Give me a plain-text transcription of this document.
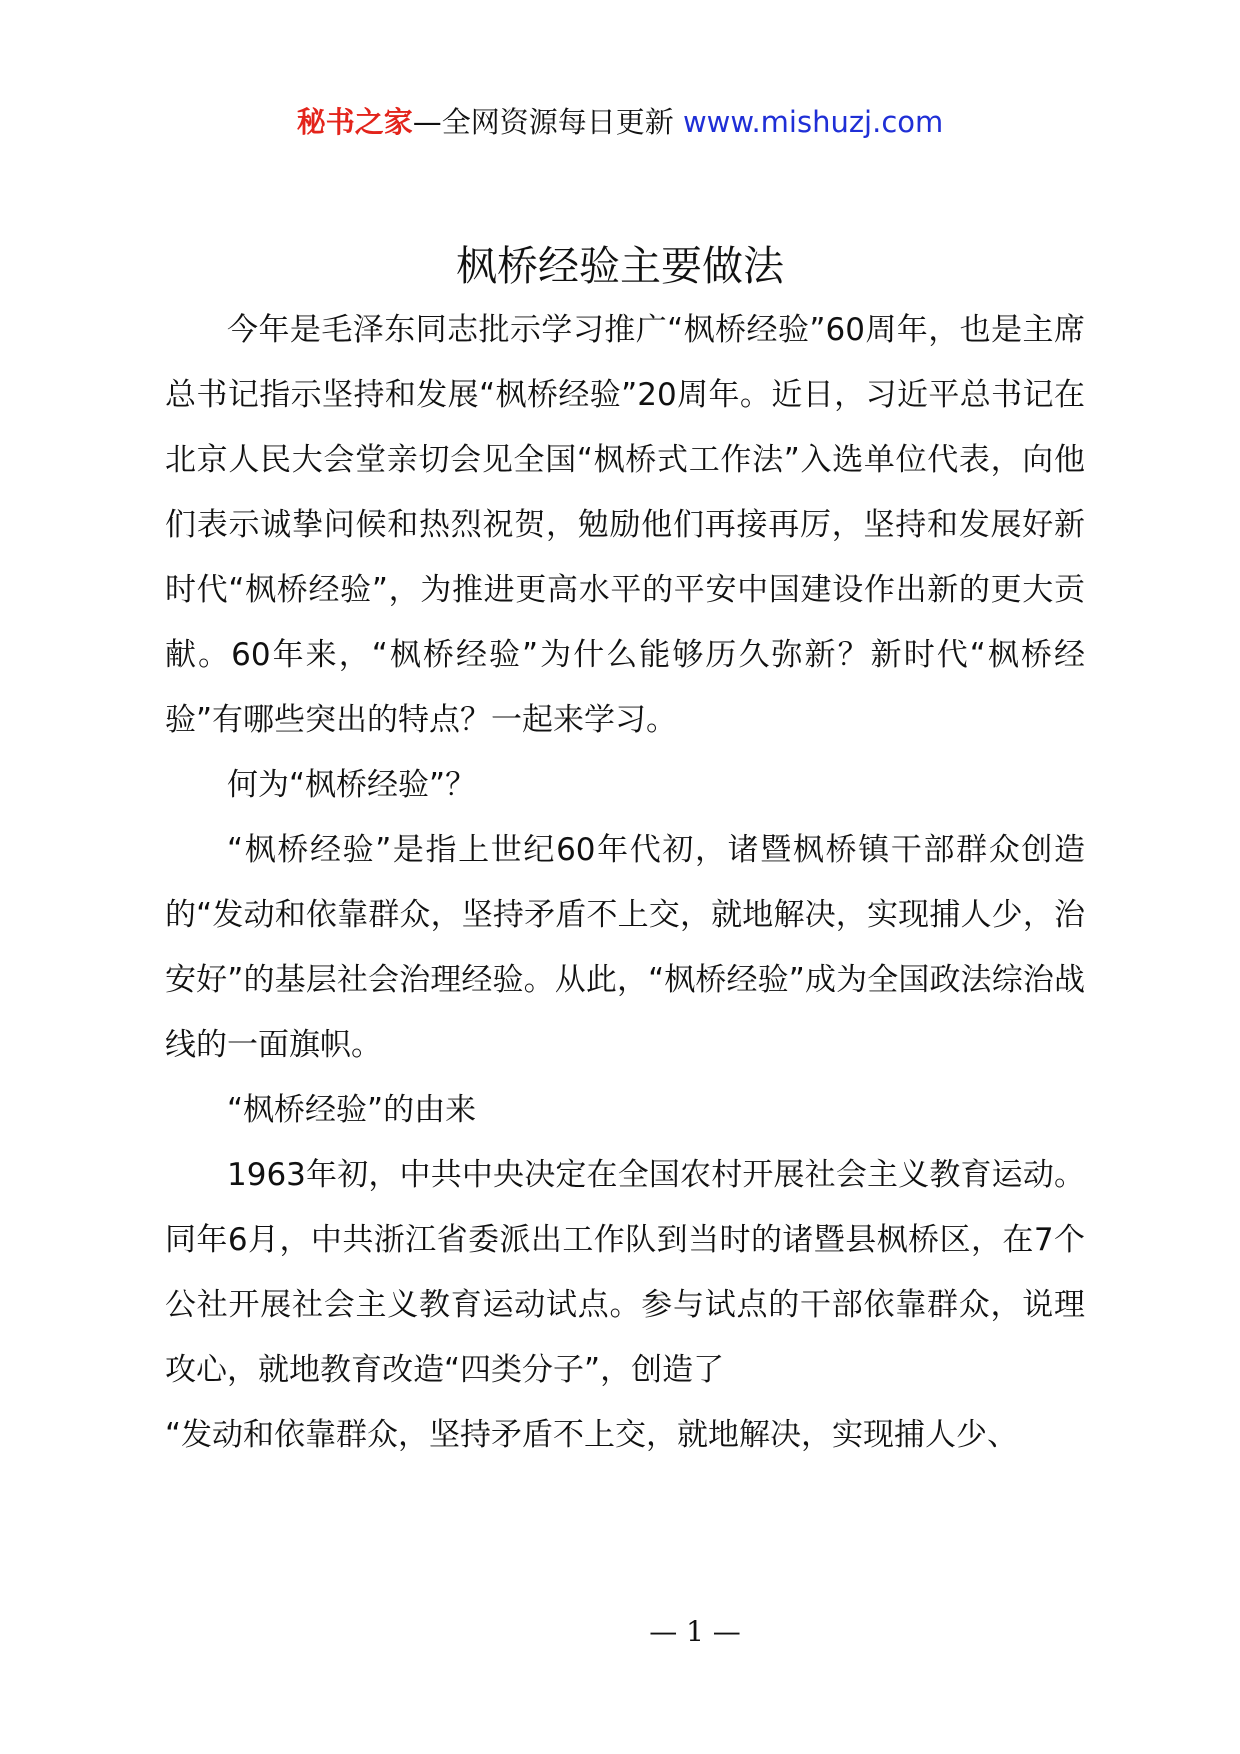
秘书之家—全网资源每日更新 www.mishuzj.com
枫桥经验主要做法

今年是毛泽东同志批示学习推广“枫桥经验”60周年，也是主席总书记指示坚持和发展“枫桥经验”20周年。近日，习近平总书记在北京人民大会堂亲切会见全国“枫桥式工作法”入选单位代表，向他们表示诚挚问候和热烈祝贺，勉励他们再接再厉，坚持和发展好新时代“枫桥经验”，为推进更高水平的平安中国建设作出新的更大贡献。60年来，“枫桥经验”为什么能够历久弥新？新时代“枫桥经验”有哪些突出的特点？一起来学习。

何为“枫桥经验”？

“枫桥经验”是指上世纪60年代初，诸暨枫桥镇干部群众创造的“发动和依靠群众，坚持矛盾不上交，就地解决，实现捕人少，治安好”的基层社会治理经验。从此，“枫桥经验”成为全国政法综治战线的一面旗帜。

“枫桥经验”的由来

1963年初，中共中央决定在全国农村开展社会主义教育运动。同年6月，中共浙江省委派出工作队到当时的诸暨县枫桥区，在7个公社开展社会主义教育运动试点。参与试点的干部依靠群众，说理攻心，就地教育改造“四类分子”，创造了

“发动和依靠群众，坚持矛盾不上交，就地解决，实现捕人少、

— 1 —
